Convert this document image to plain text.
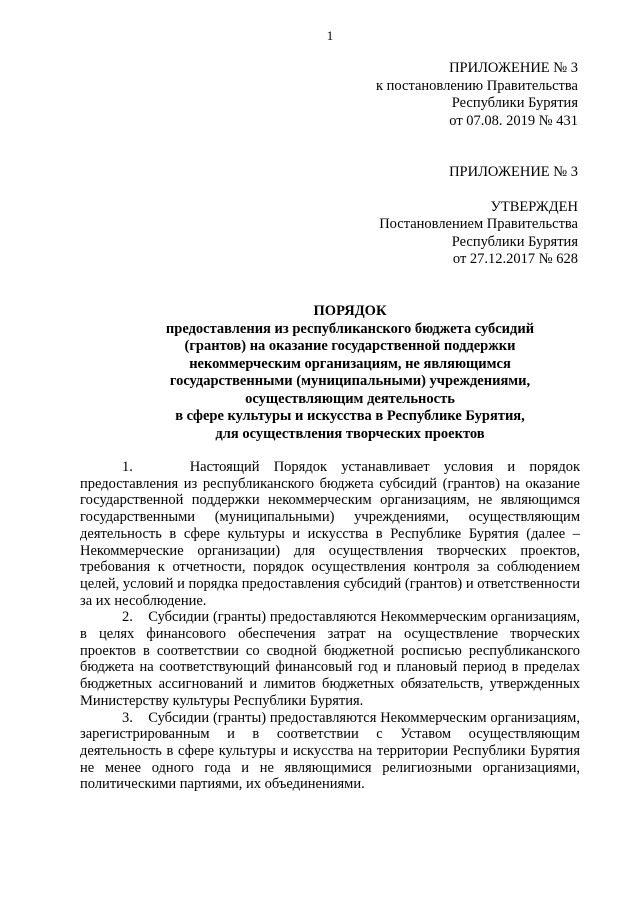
1
ПРИЛОЖЕНИЕ № 3
к постановлению Правительства
Республики Бурятия
от 07.08. 2019 № 431
ПРИЛОЖЕНИЕ № 3
УТВЕРЖДЕН
Постановлением Правительства
Республики Бурятия
от 27.12.2017 № 628
ПОРЯДОК
предоставления из республиканского бюджета субсидий
(грантов) на оказание государственной поддержки
некоммерческим организациям, не являющимся
государственными (муниципальными) учреждениями,
осуществляющим деятельность
в сфере культуры и искусства в Республике Бурятия,
для осуществления творческих проектов

1.    Настоящий Порядок устанавливает условия и порядок предоставления из республиканского бюджета субсидий (грантов) на оказание государственной поддержки некоммерческим организациям, не являющимся государственными (муниципальными) учреждениями, осуществляющим деятельность в сфере культуры и искусства в Республике Бурятия (далее – Некоммерческие организации) для осуществления творческих проектов, требования к отчетности, порядок осуществления контроля за соблюдением целей, условий и порядка предоставления субсидий (грантов) и ответственности за их несоблюдение.

2.    Субсидии (гранты) предоставляются Некоммерческим организациям, в целях финансового обеспечения затрат на осуществление творческих проектов в соответствии со сводной бюджетной росписью республиканского бюджета на соответствующий финансовый год и плановый период в пределах бюджетных ассигнований и лимитов бюджетных обязательств, утвержденных Министерству культуры Республики Бурятия.

3.    Субсидии (гранты) предоставляются Некоммерческим организациям, зарегистрированным и в соответствии с Уставом осуществляющим деятельность в сфере культуры и искусства на территории Республики Бурятия не менее одного года и не являющимися религиозными организациями, политическими партиями, их объединениями.
